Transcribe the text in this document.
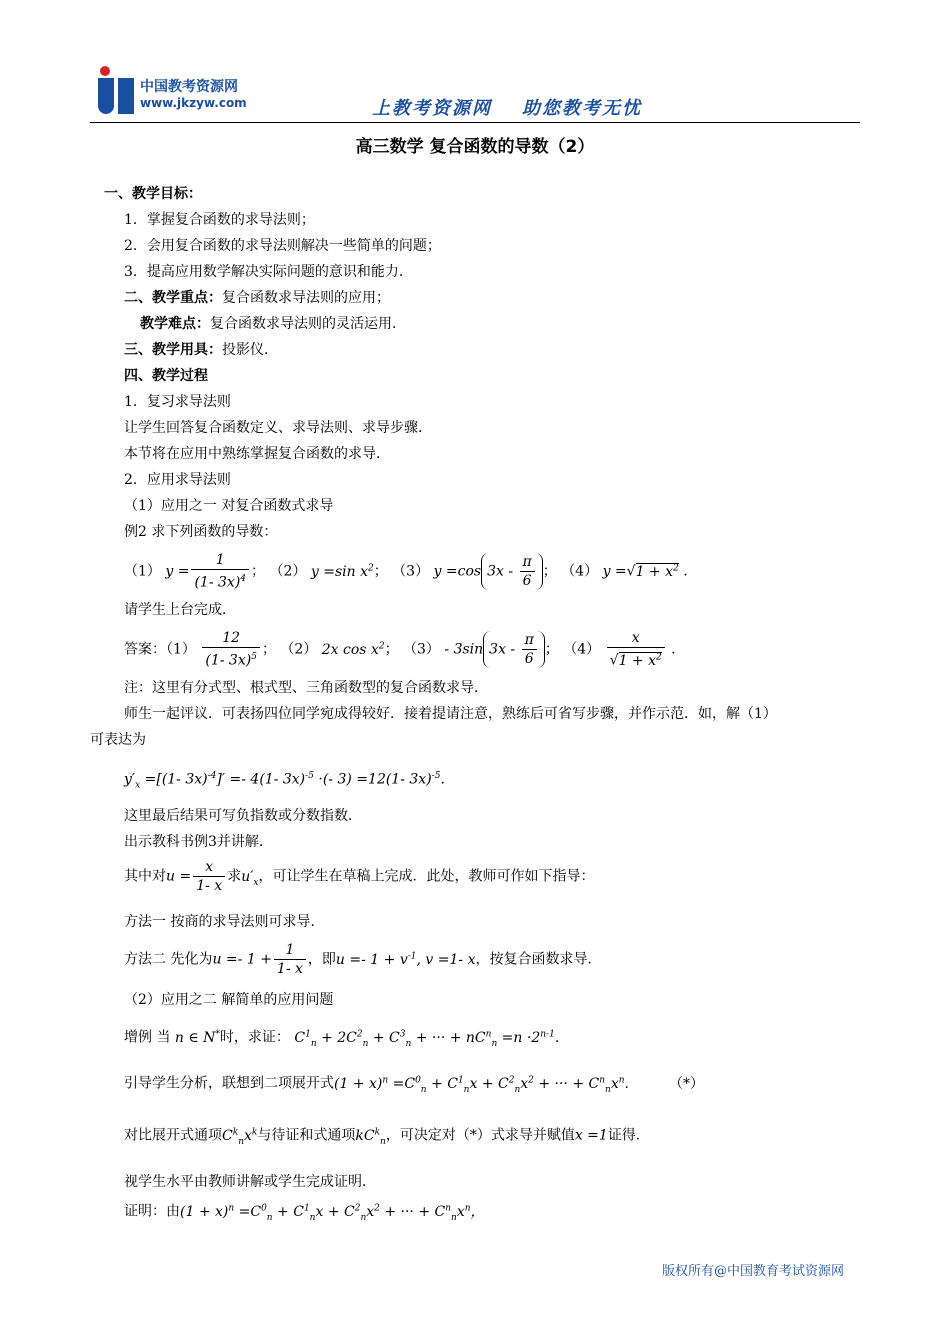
中国教考资源网
www.jkzyw.com	上教考资源网 助您教考无忧
高三数学 复合函数的导数（2）
一、教学目标：
1．掌握复合函数的求导法则；
2．会用复合函数的求导法则解决一些简单的问题；
3．提高应用数学解决实际问题的意识和能力．
二、教学重点：复合函数求导法则的应用；
教学难点：复合函数求导法则的灵活运用．
三、教学用具：投影仪．
四、教学过程
1．复习求导法则
让学生回答复合函数定义、求导法则、求导步骤．
本节将在应用中熟练掌握复合函数的求导．
2．应用求导法则
（1）应用之一 对复合函数式求导
例2 求下列函数的导数：
（1） $y = \frac{1}{(1- 3x)^4}$ ； （2） y =sin $x^2$； （3） y =cos $3x - \frac{\pi}{6}$ ； （4） $y =√1 + x^2$ .
请学生上台完成．
答案：$(1) \frac{12}{(1- 3x)^5}$ ； （2） 2x $\cos x^2$； （3） - 3sin $3x - \frac{\pi}{6}$ ； $(4) \frac{x}{√1 + x^2}$ .
注：这里有分式型、根式型、三角函数型的复合函数求导．
师生一起评议．可表扬四位同学宛成得较好．接着提请注意，熟练后可省写步骤，并作示范．如，解（1）
可表达为
$y'_x =[(1-$ 3x)$^{-4}$]′ =- 4(1- 3x)$^{-5}$ ·(- 3) =12(1- 3x)$^{-5}$.
这里最后结果可写负指数或分数指数．
出示教科书例3并讲解．
其中对$u = \frac{x}{1- x}$ 求$u'_x$，可让学生在草稿上完成．此处，教师可作如下指导：
方法一 按商的求导法则可求导．
方法二 先化为$u =- 1 + \frac{1}{1- x}$ ，即$u =- 1 + v^{-1}$, v =1- x，按复合函数求导．
（2）应用之二 解简单的应用问题
增例 当 n ∈ N*时，求证： $C^1_n + 2C^2_n + C^3_n$ + ··· + $nC^n_n =n \cdot 2^{n-1}$.
引导学生分析，联想到二项展开式$(1 + x)^n =C^0_n + C^1_nx + C^2_nx^2$ + ··· + $C^n_nx^n$.	（*）
对比展开式通项$C^k_nx^k$与待证和式通项$kC^k_n$，可决定对（*）式求导并赋值x =1证得．
视学生水平由教师讲解或学生完成证明．
证明：由$(1 + x)^n =C^0_n + C^1_nx + C^2_nx^2$ + ··· + $C^n_nx^n$，
版权所有@中国教育考试资源网
